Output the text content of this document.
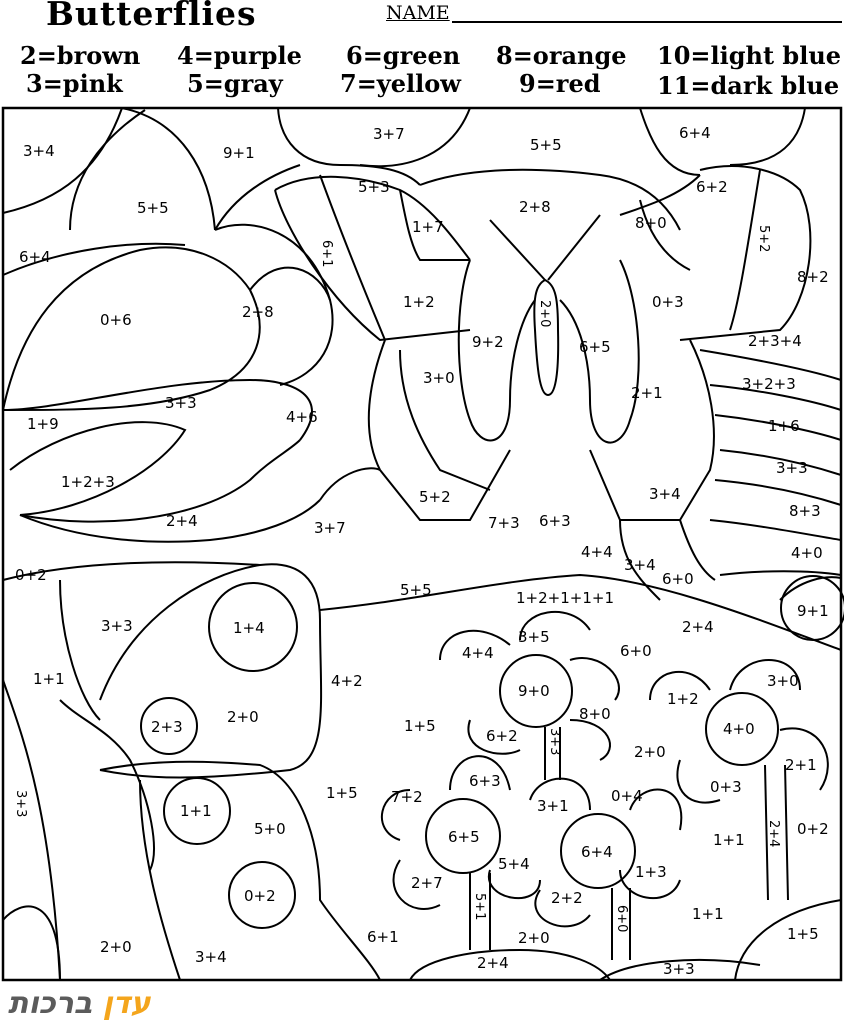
Butterflies	NAME
2=brown
3=pink
4=purple
5=gray
6=green
7=yellow
8=orange
9=red
10=light blue
11=dark blue
3+4	9+1
3+7
5+5
6+4
5+5
5+3
2+8
6+2
6+4	6+1
1+7	8+0
5+2
8+2
0+6	2+8
1+2	0+3
9+2
2+0
6+5	2+3+4
3+0	3+2+3
1+9
3+3
4+6
2+1
1+6
1+2+3
5+2	3+4
3+3
8+3
2+4	3+7	7+3 6+3
4+4
3+4
6+0
4+0
0+2
5+5	1+2+1+1+1
9+1
3+3	1+4	3+5
2+4
4+4	6+0
1+1	4+2
9+0	1+2
3+0
8+0
4+0
2+3
2+0	1+5
6+2 3+3	2+0
2+1
0+3
7+2
6+3
3+1
0+4
3+3	1+1
5+0
1+5
6+5
6+4
1+1
0+2
5+4	1+3
2+4
0+2
2+7
2+2
5+1	6+0	1+1
2+0
6+1
3+4
2+0
2+4
1+5
3+3
עדן ברכות
